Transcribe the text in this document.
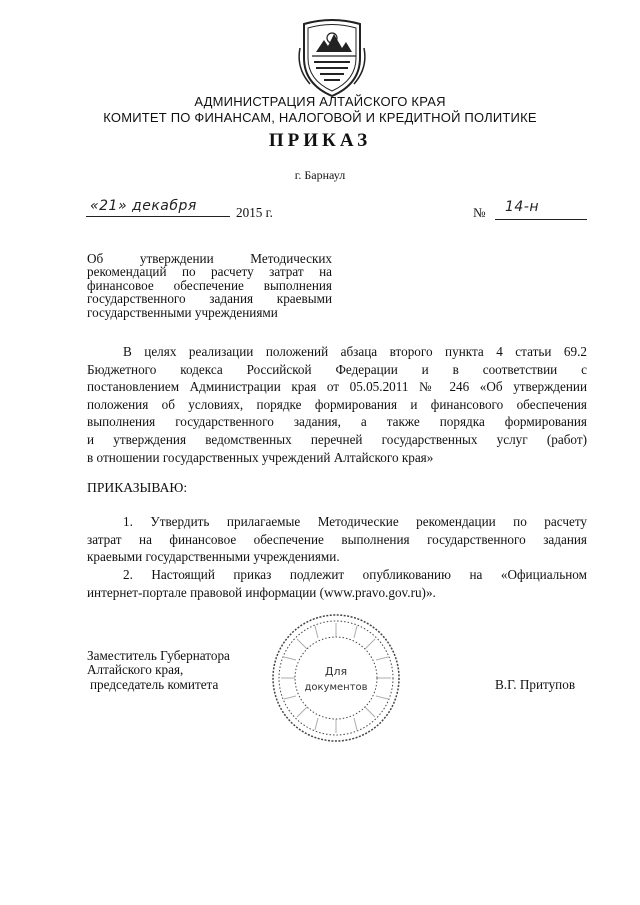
АДМИНИСТРАЦИЯ АЛТАЙСКОГО КРАЯ
КОМИТЕТ ПО ФИНАНСАМ, НАЛОГОВОЙ И КРЕДИТНОЙ ПОЛИТИКЕ
ПРИКАЗ
г. Барнаул
«21» декабря	2015 г.	№ 14-н
Об утверждении Методических
рекомендаций по расчету затрат на
финансовое обеспечение выполнения
государственного задания краевыми
государственными учреждениями
В целях реализации положений абзаца второго пункта 4 статьи 69.2
Бюджетного кодекса Российской Федерации и в соответствии с
постановлением Администрации края от 05.05.2011 № 246 «Об утверждении
положения об условиях, порядке формирования и финансового обеспечения
выполнения государственного задания, а также порядка формирования
и утверждения ведомственных перечней государственных услуг (работ)
в отношении государственных учреждений Алтайского края»
ПРИКАЗЫВАЮ:
1. Утвердить прилагаемые Методические рекомендации по расчету
затрат на финансовое обеспечение выполнения государственного задания
краевыми государственными учреждениями.
2. Настоящий приказ подлежит опубликованию на «Официальном
интернет-портале правовой информации (www.pravo.gov.ru)».
Заместитель Губернатора
Алтайского края,
председатель комитета	В.Г. Притупов
Для
документов
